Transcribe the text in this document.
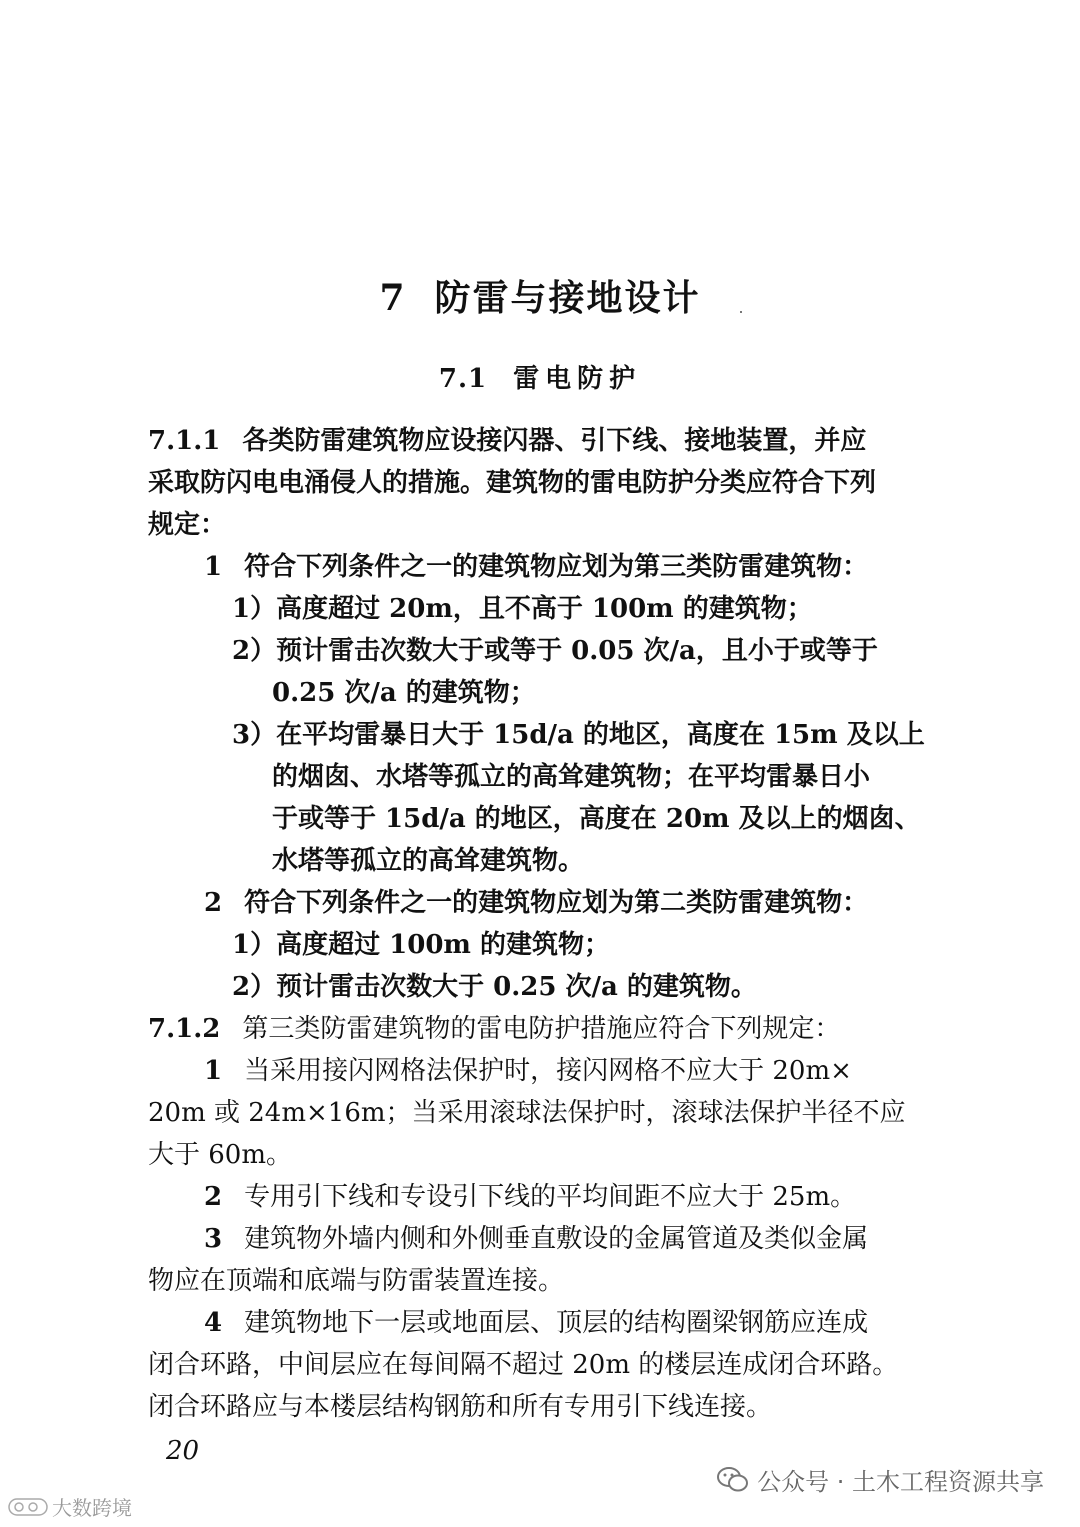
7 防雷与接地设计
7.1 雷电防护
7.1.1 各类防雷建筑物应设接闪器、引下线、接地装置，并应
采取防闪电电涌侵人的措施。建筑物的雷电防护分类应符合下列
规定：
1 符合下列条件之一的建筑物应划为第三类防雷建筑物：
1）高度超过 20m，且不高于 100m 的建筑物；
2）预计雷击次数大于或等于 0.05 次/a，且小于或等于
0.25 次/a 的建筑物；
3）在平均雷暴日大于 15d/a 的地区，高度在 15m 及以上
的烟囱、水塔等孤立的高耸建筑物；在平均雷暴日小
于或等于 15d/a 的地区，高度在 20m 及以上的烟囱、
水塔等孤立的高耸建筑物。
2 符合下列条件之一的建筑物应划为第二类防雷建筑物：
1）高度超过 100m 的建筑物；
2）预计雷击次数大于 0.25 次/a 的建筑物。
7.1.2 第三类防雷建筑物的雷电防护措施应符合下列规定：
1 当采用接闪网格法保护时，接闪网格不应大于 20m×
20m 或 24m×16m；当采用滚球法保护时，滚球法保护半径不应
大于 60m。
2 专用引下线和专设引下线的平均间距不应大于 25m。
3 建筑物外墙内侧和外侧垂直敷设的金属管道及类似金属
物应在顶端和底端与防雷装置连接。
4 建筑物地下一层或地面层、顶层的结构圈梁钢筋应连成
闭合环路，中间层应在每间隔不超过 20m 的楼层连成闭合环路。
闭合环路应与本楼层结构钢筋和所有专用引下线连接。
20
公众号 · 土木工程资源共享
大数跨境
